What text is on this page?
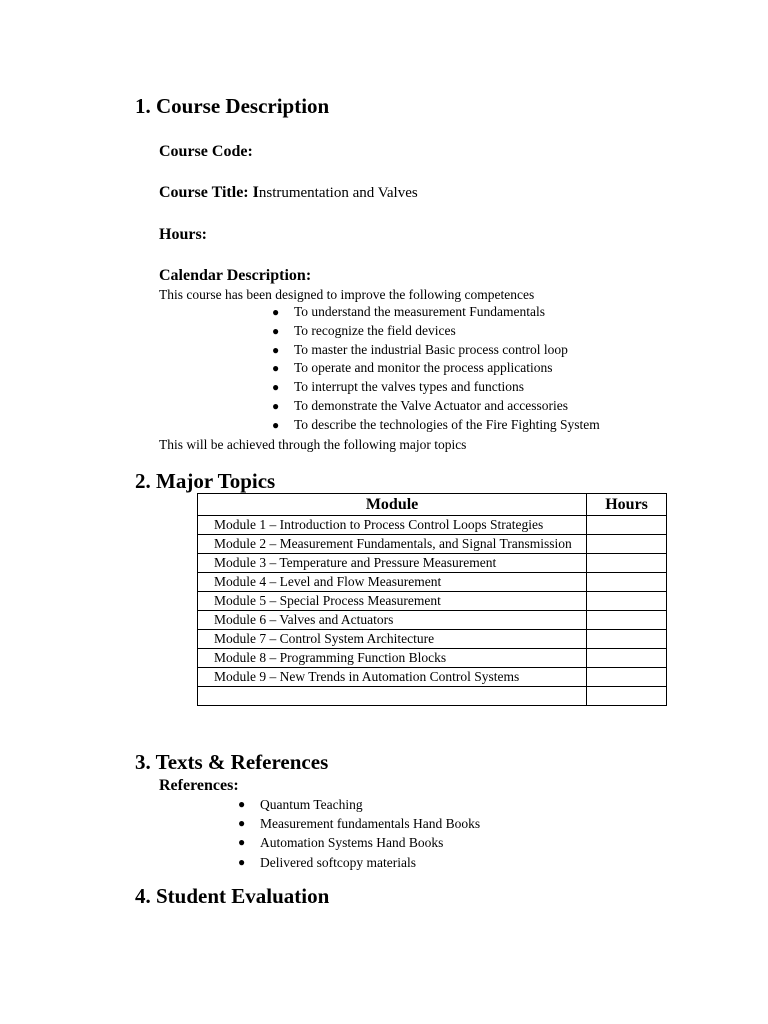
1. Course Description
Course Code:
Course Title: Instrumentation and Valves
Hours:
Calendar Description:
This course has been designed to improve the following competences
● To understand the measurement Fundamentals
● To recognize the field devices
● To master the industrial Basic process control loop
● To operate and monitor the process applications
● To interrupt the valves types and functions
● To demonstrate the Valve Actuator and accessories
● To describe the technologies of the Fire Fighting System
This will be achieved through the following major topics
2. Major Topics
Module	Hours
Module 1 – Introduction to Process Control Loops Strategies	
Module 2 – Measurement Fundamentals, and Signal Transmission	
Module 3 – Temperature and Pressure Measurement	
Module 4 – Level and Flow Measurement	
Module 5 – Special Process Measurement	
Module 6 – Valves and Actuators	
Module 7 – Control System Architecture	
Module 8 – Programming Function Blocks	
Module 9 – New Trends in Automation Control Systems	

3. Texts & References
References:
● Quantum Teaching
● Measurement fundamentals Hand Books
● Automation Systems Hand Books
● Delivered softcopy materials
4. Student Evaluation
